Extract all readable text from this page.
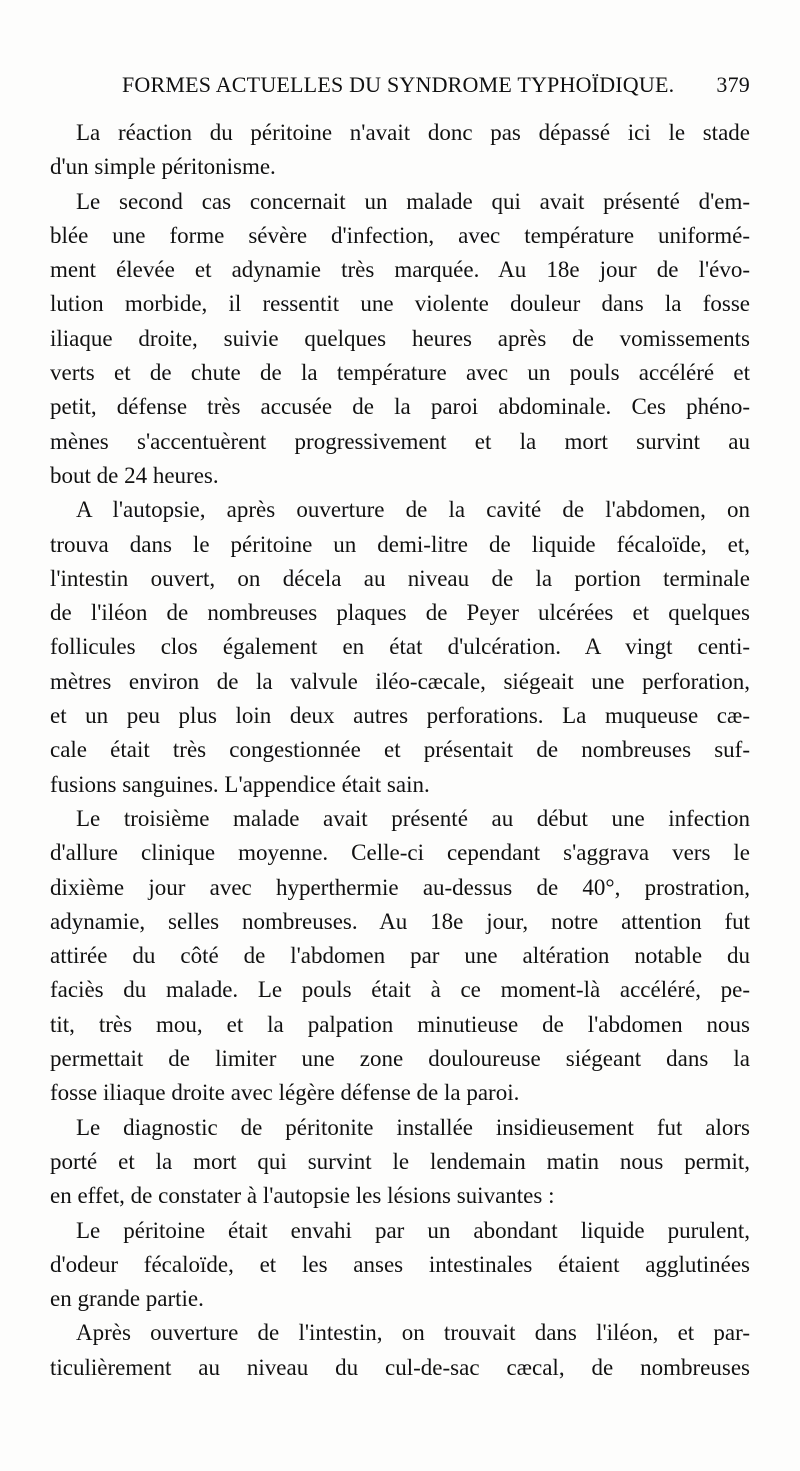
FORMES ACTUELLES DU SYNDROME TYPHOÏDIQUE. 379
La réaction du péritoine n'avait donc pas dépassé ici le stade
d'un simple péritonisme.
Le second cas concernait un malade qui avait présenté d'em-
blée une forme sévère d'infection, avec température uniformé-
ment élevée et adynamie très marquée. Au 18e jour de l'évo-
lution morbide, il ressentit une violente douleur dans la fosse
iliaque droite, suivie quelques heures après de vomissements
verts et de chute de la température avec un pouls accéléré et
petit, défense très accusée de la paroi abdominale. Ces phéno-
mènes s'accentuèrent progressivement et la mort survint au
bout de 24 heures.
A l'autopsie, après ouverture de la cavité de l'abdomen, on
trouva dans le péritoine un demi-litre de liquide fécaloïde, et,
l'intestin ouvert, on décela au niveau de la portion terminale
de l'iléon de nombreuses plaques de Peyer ulcérées et quelques
follicules clos également en état d'ulcération. A vingt centi-
mètres environ de la valvule iléo-cæcale, siégeait une perforation,
et un peu plus loin deux autres perforations. La muqueuse cæ-
cale était très congestionnée et présentait de nombreuses suf-
fusions sanguines. L'appendice était sain.
Le troisième malade avait présenté au début une infection
d'allure clinique moyenne. Celle-ci cependant s'aggrava vers le
dixième jour avec hyperthermie au-dessus de 40°, prostration,
adynamie, selles nombreuses. Au 18e jour, notre attention fut
attirée du côté de l'abdomen par une altération notable du
faciès du malade. Le pouls était à ce moment-là accéléré, pe-
tit, très mou, et la palpation minutieuse de l'abdomen nous
permettait de limiter une zone douloureuse siégeant dans la
fosse iliaque droite avec légère défense de la paroi.
Le diagnostic de péritonite installée insidieusement fut alors
porté et la mort qui survint le lendemain matin nous permit,
en effet, de constater à l'autopsie les lésions suivantes :
Le péritoine était envahi par un abondant liquide purulent,
d'odeur fécaloïde, et les anses intestinales étaient agglutinées
en grande partie.
Après ouverture de l'intestin, on trouvait dans l'iléon, et par-
ticulièrement au niveau du cul-de-sac cæcal, de nombreuses
